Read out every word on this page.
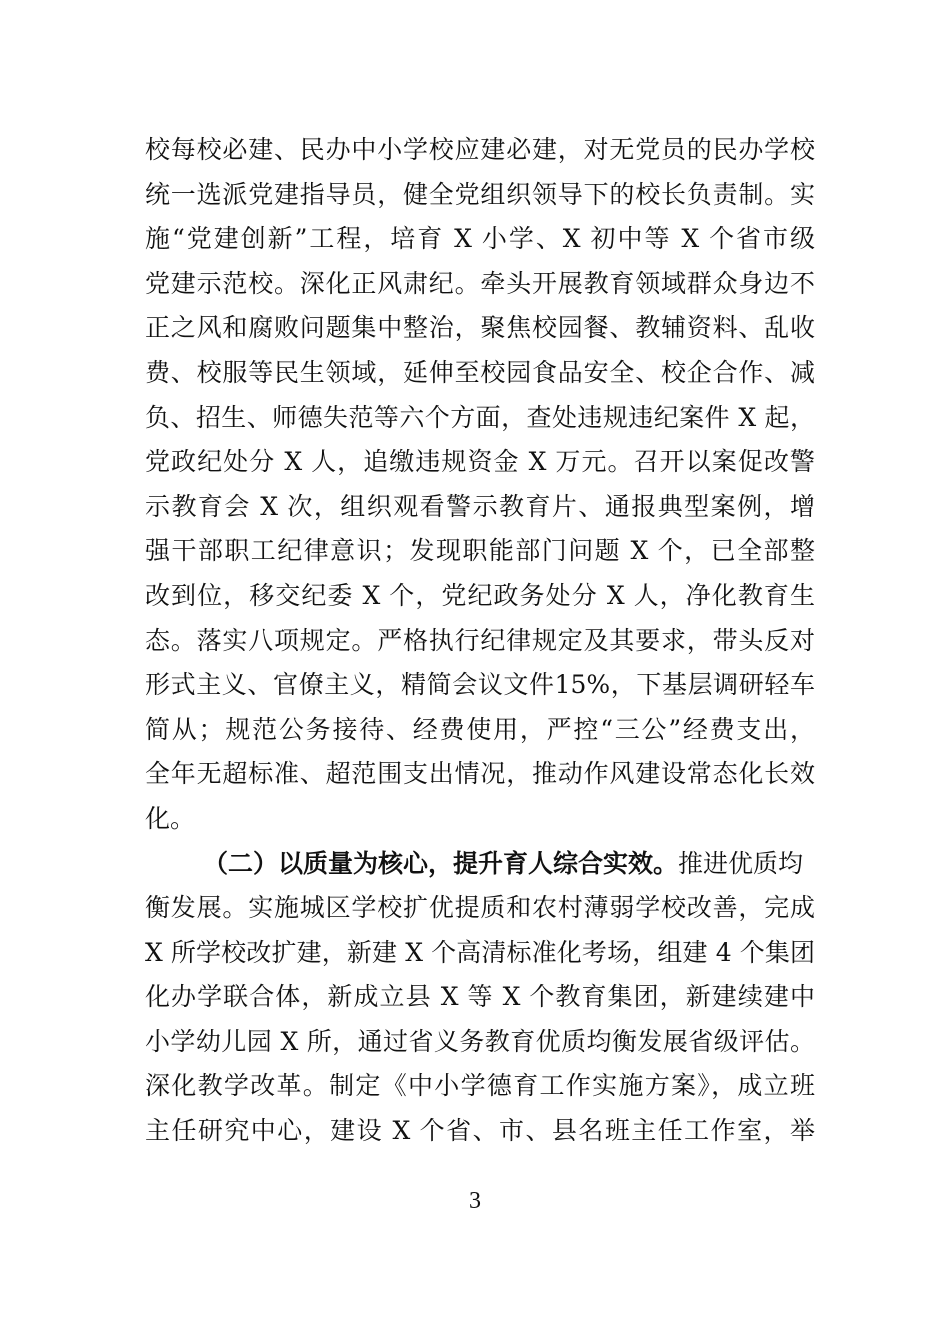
校每校必建、民办中小学校应建必建，对无党员的民办学校
统一选派党建指导员，健全党组织领导下的校长负责制。实
施“党建创新”工程，培育 X 小学、X 初中等 X 个省市级
党建示范校。深化正风肃纪。牵头开展教育领域群众身边不
正之风和腐败问题集中整治，聚焦校园餐、教辅资料、乱收
费、校服等民生领域，延伸至校园食品安全、校企合作、减
负、招生、师德失范等六个方面，查处违规违纪案件 X 起，
党政纪处分 X 人，追缴违规资金 X 万元。召开以案促改警
示教育会 X 次，组织观看警示教育片、通报典型案例，增
强干部职工纪律意识；发现职能部门问题 X 个，已全部整
改到位，移交纪委 X 个，党纪政务处分 X 人，净化教育生
态。落实八项规定。严格执行纪律规定及其要求，带头反对
形式主义、官僚主义，精简会议文件15%，下基层调研轻车
简从；规范公务接待、经费使用，严控“三公”经费支出，
全年无超标准、超范围支出情况，推动作风建设常态化长效
化。
（二）以质量为核心，提升育人综合实效。推进优质均
衡发展。实施城区学校扩优提质和农村薄弱学校改善，完成
X 所学校改扩建，新建 X 个高清标准化考场，组建 4 个集团
化办学联合体，新成立县 X 等 X 个教育集团，新建续建中
小学幼儿园 X 所，通过省义务教育优质均衡发展省级评估。
深化教学改革。制定《中小学德育工作实施方案》，成立班
主任研究中心，建设 X 个省、市、县名班主任工作室，举
3
